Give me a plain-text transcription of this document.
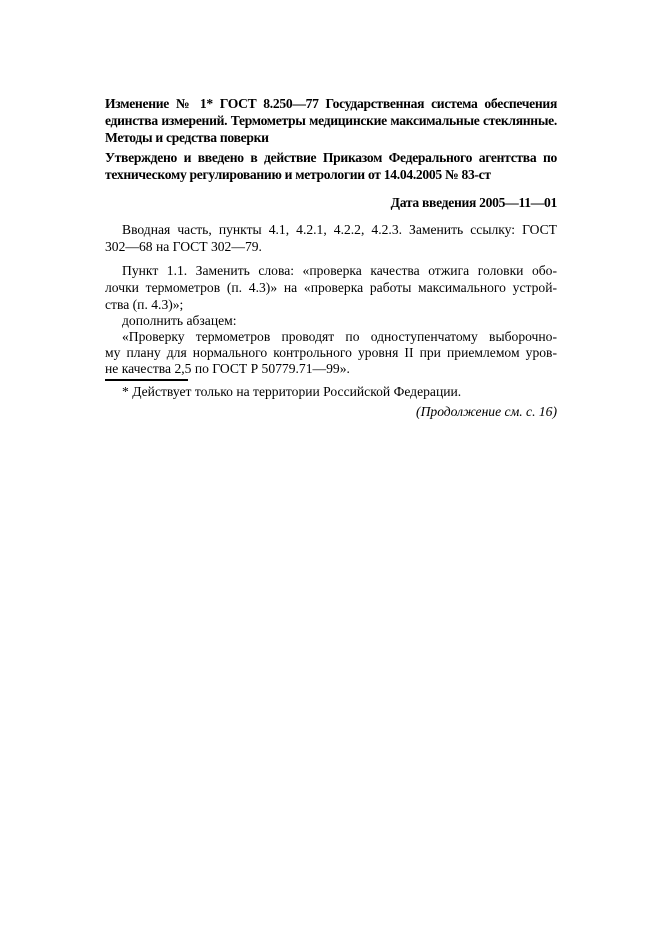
Изменение № 1* ГОСТ 8.250—77 Государственная система обеспечения
единства измерений. Термометры медицинские максимальные стеклянные.
Методы и средства поверки
Утверждено и введено в действие Приказом Федерального агентства по
техническому регулированию и метрологии от 14.04.2005 № 83-ст
Дата введения 2005—11—01
Вводная часть, пункты 4.1, 4.2.1, 4.2.2, 4.2.3. Заменить ссылку: ГОСТ
302—68 на ГОСТ 302—79.
Пункт 1.1. Заменить слова: «проверка качества отжига головки обо-
лочки термометров (п. 4.3)» на «проверка работы максимального устрой-
ства (п. 4.3)»;
дополнить абзацем:
«Проверку термометров проводят по одноступенчатому выборочно-
му плану для нормального контрольного уровня II при приемлемом уров-
не качества 2,5 по ГОСТ Р 50779.71—99».
* Действует только на территории Российской Федерации.
(Продолжение см. с. 16)
